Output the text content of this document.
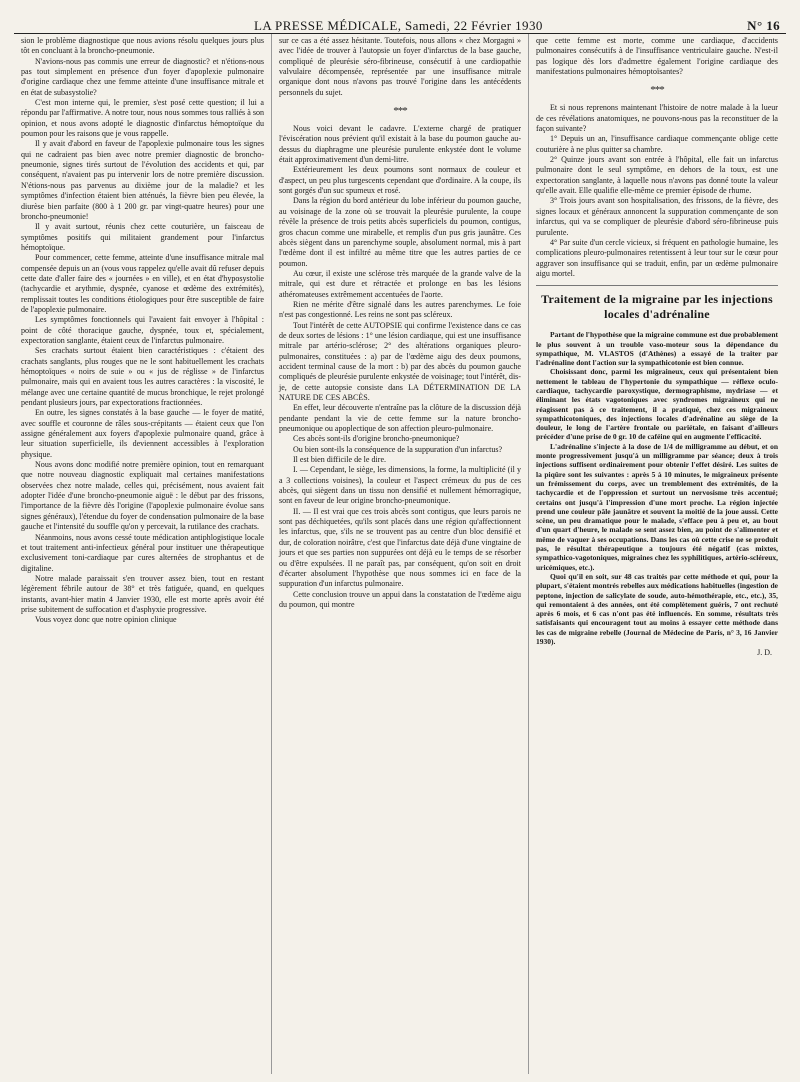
LA PRESSE MÉDICALE, Samedi, 22 Février 1930	N° 16

sion le problème diagnostique que nous avions résolu quelques jours plus tôt en concluant à la broncho-pneumonie.

N'avions-nous pas commis une erreur de diagnostic? et n'étions-nous pas tout simplement en présence d'un foyer d'apoplexie pulmonaire d'origine cardiaque chez une femme atteinte d'une insuffisance mitrale et en état de subasystolie?

C'est mon interne qui, le premier, s'est posé cette question; il lui a répondu par l'affirmative. A notre tour, nous nous sommes tous ralliés à son opinion, et nous avons adopté le diagnostic d'infarctus hémoptoïque du poumon pour les raisons que je vous rappelle.

Il y avait d'abord en faveur de l'apoplexie pulmonaire tous les signes qui ne cadraient pas bien avec notre premier diagnostic de broncho-pneumonie, signes tirés surtout de l'évolution des accidents et qui, par conséquent, n'avaient pas pu intervenir lors de notre première discussion. N'étions-nous pas parvenus au dixième jour de la maladie? et les symptômes d'infection étaient bien atténués, la fièvre bien peu élevée, la diurèse bien parfaite (800 à 1 200 gr. par vingt-quatre heures) pour une broncho-pneumonie!

Il y avait surtout, réunis chez cette couturière, un faisceau de symptômes positifs qui militaient grandement pour l'infarctus hémoptoïque.

Pour commencer, cette femme, atteinte d'une insuffisance mitrale mal compensée depuis un an (vous vous rappelez qu'elle avait dû refuser depuis cette date d'aller faire des « journées » en ville), et en état d'hyposystolie (tachycardie et arythmie, dyspnée, cyanose et œdème des extrémités), remplissait toutes les conditions étiologiques pour être susceptible de faire de l'apoplexie pulmonaire.

Les symptômes fonctionnels qui l'avaient fait envoyer à l'hôpital : point de côté thoracique gauche, dyspnée, toux et, spécialement, expectoration sanglante, étaient ceux de l'infarctus pulmonaire.

Ses crachats surtout étaient bien caractéristiques : c'étaient des crachats sanglants, plus rouges que ne le sont habituellement les crachats hémoptoïques « noirs de suie » ou « jus de réglisse » de l'infarctus pulmonaire, mais qui en avaient tous les autres caractères : la viscosité, le mélange avec une certaine quantité de mucus bronchique, le rejet prolongé pendant plusieurs jours, par expectorations fractionnées.

En outre, les signes constatés à la base gauche — le foyer de matité, avec souffle et couronne de râles sous-crépitants — étaient ceux que l'on assigne généralement aux foyers d'apoplexie pulmonaire quand, grâce à leur situation superficielle, ils deviennent accessibles à l'exploration physique.

Nous avons donc modifié notre première opinion, tout en remarquant que notre nouveau diagnostic expliquait mal certaines manifestations observées chez notre malade, celles qui, précisément, nous avaient fait adopter l'idée d'une broncho-pneumonie aiguë : le début par des frissons, l'importance de la fièvre dès l'origine (l'apoplexie pulmonaire évolue sans signes généraux), l'étendue du foyer de condensation pulmonaire de la base gauche et l'intensité du souffle qu'on y percevait, la rutilance des crachats.

Néanmoins, nous avons cessé toute médication antiphlogistique locale et tout traitement anti-infectieux général pour instituer une thérapeutique exclusivement toni-cardiaque par cures alternées de strophantus et de digitaline.

Notre malade paraissait s'en trouver assez bien, tout en restant légèrement fébrile autour de 38° et très fatiguée, quand, en quelques instants, avant-hier matin 4 Janvier 1930, elle est morte après avoir été prise subitement de suffocation et d'asphyxie progressive.

Vous voyez donc que notre opinion clinique

sur ce cas a été assez hésitante. Toutefois, nous allons « chez Morgagni » avec l'idée de trouver à l'autopsie un foyer d'infarctus de la base gauche, compliqué de pleurésie séro-fibrineuse, consécutif à une cardiopathie valvulaire décompensée, représentée par une insuffisance mitrale organique dont nous n'avons pas trouvé l'origine dans les antécédents personnels du sujet.

***

Nous voici devant le cadavre. L'externe chargé de pratiquer l'éviscération nous prévient qu'il existait à la base du poumon gauche au-dessus du diaphragme une pleurésie purulente enkystée dont le volume était approximativement d'un demi-litre.

Extérieurement les deux poumons sont normaux de couleur et d'aspect, un peu plus turgescents cependant que d'ordinaire. A la coupe, ils sont gorgés d'un suc spumeux et rosé.

Dans la région du bord antérieur du lobe inférieur du poumon gauche, au voisinage de la zone où se trouvait la pleurésie purulente, la coupe révèle la présence de trois petits abcès superficiels du poumon, contigus, gros chacun comme une mirabelle, et remplis d'un pus gris jaunâtre. Ces abcès siègent dans un parenchyme souple, absolument normal, mis à part l'œdème dont il est infiltré au même titre que les autres parties de ce poumon.

Au cœur, il existe une sclérose très marquée de la grande valve de la mitrale, qui est dure et rétractée et prolonge en bas les lésions athéromateuses extrêmement accentuées de l'aorte.

Rien ne mérite d'être signalé dans les autres parenchymes. Le foie n'est pas congestionné. Les reins ne sont pas scléreux.

Tout l'intérêt de cette AUTOPSIE qui confirme l'existence dans ce cas de deux sortes de lésions : 1° une lésion cardiaque, qui est une insuffisance mitrale par artério-sclérose; 2° des altérations organiques pleuro-pulmonaires, constituées : a) par de l'œdème aigu des deux poumons, accident terminal cause de la mort : b) par des abcès du poumon gauche compliqués de pleurésie purulente enkystée de voisinage; tout l'intérêt, dis-je, de cette autopsie consiste dans LA DÉTERMINATION DE LA NATURE DE CES ABCÈS.

En effet, leur découverte n'entraîne pas la clôture de la discussion déjà pendante pendant la vie de cette femme sur la nature broncho-pneumonique ou apoplectique de son affection pleuro-pulmonaire.

Ces abcès sont-ils d'origine broncho-pneumonique?

Ou bien sont-ils la conséquence de la suppuration d'un infarctus?

Il est bien difficile de le dire.

I. — Cependant, le siège, les dimensions, la forme, la multiplicité (il y a 3 collections voisines), la couleur et l'aspect crémeux du pus de ces abcès, qui siègent dans un tissu non densifié et nullement hémorragique, sont en faveur de leur origine broncho-pneumonique.

II. — Il est vrai que ces trois abcès sont contigus, que leurs parois ne sont pas déchiquetées, qu'ils sont placés dans une région qu'affectionnent les infarctus, que, s'ils ne se trouvent pas au centre d'un bloc densifié et dur, de coloration noirâtre, c'est que l'infarctus date déjà d'une vingtaine de jours et que ses parties non suppurées ont déjà eu le temps de se résorber ou d'être expulsées. Il ne paraît pas, par conséquent, qu'on soit en droit d'écarter absolument l'hypothèse que nous sommes ici en face de la suppuration d'un infarctus pulmonaire.

Cette conclusion trouve un appui dans la constatation de l'œdème aigu du poumon, qui montre

que cette femme est morte, comme une cardiaque, d'accidents pulmonaires consécutifs à de l'insuffisance ventriculaire gauche. N'est-il pas logique dès lors d'admettre également l'origine cardiaque des manifestations pulmonaires hémoptoïsantes?

***

Et si nous reprenons maintenant l'histoire de notre malade à la lueur de ces révélations anatomiques, ne pouvons-nous pas la reconstituer de la façon suivante?

1° Depuis un an, l'insuffisance cardiaque commençante oblige cette couturière à ne plus quitter sa chambre.

2° Quinze jours avant son entrée à l'hôpital, elle fait un infarctus pulmonaire dont le seul symptôme, en dehors de la toux, est une expectoration sanglante, à laquelle nous n'avons pas donné toute la valeur qu'elle avait. Elle qualifie elle-même ce premier épisode de rhume.

3° Trois jours avant son hospitalisation, des frissons, de la fièvre, des signes locaux et généraux annoncent la suppuration commençante de son infarctus, qui va se compliquer de pleurésie d'abord séro-fibrineuse puis purulente.

4° Par suite d'un cercle vicieux, si fréquent en pathologie humaine, les complications pleuro-pulmonaires retentissent à leur tour sur le cœur pour aggraver son insuffisance qui se traduit, enfin, par un œdème pulmonaire aigu mortel.

Traitement de la migraine par les injections locales d'adrénaline

Partant de l'hypothèse que la migraine commune est due probablement le plus souvent à un trouble vaso-moteur sous la dépendance du sympathique, M. VLASTOS (d'Athènes) a essayé de la traiter par l'adrénaline dont l'action sur la sympathicotonie est bien connue.

Choisissant donc, parmi les migraineux, ceux qui présentaient bien nettement le tableau de l'hypertonie du sympathique — réflexe oculo-cardiaque, tachycardie paroxystique, dermographisme, mydriase — et éliminant les états vagotoniques avec syndromes migraineux qui ne réagissent pas à ce traitement, il a pratiqué, chez ces migraineux sympathicotoniques, des injections locales d'adrénaline au siège de la douleur, le long de l'artère frontale ou pariétale, en faisant d'ailleurs précéder d'une prise de 0 gr. 10 de caféine qui en augmente l'efficacité.

L'adrénaline s'injecte à la dose de 1/4 de milligramme au début, et on monte progressivement jusqu'à un milligramme par séance; deux à trois injections suffisent ordinairement pour obtenir l'effet désiré. Les suites de la piqûre sont les suivantes : après 5 à 10 minutes, le migraineux présente un frémissement du corps, avec un tremblement des extrémités, de la tachycardie et de l'oppression et surtout un nervosisme très accentué; certains ont jusqu'à l'impression d'une mort proche. La région injectée prend une couleur pâle jaunâtre et souvent la moitié de la joue aussi. Cette scène, un peu dramatique pour le malade, s'efface peu à peu et, au bout d'un quart d'heure, le malade se sent assez bien, au point de s'alimenter et même de vaquer à ses occupations. Dans les cas où cette crise ne se produit pas, le résultat thérapeutique a toujours été négatif (cas mixtes, sympathico-vagotoniques, migraines chez les syphilitiques, artério-scléreux, uricémiques, etc.).

Quoi qu'il en soit, sur 48 cas traités par cette méthode et qui, pour la plupart, s'étaient montrés rebelles aux médications habituelles (ingestion de peptone, injection de salicylate de soude, auto-hémothérapie, etc., etc.), 35, qui remontaient à des années, ont été complètement guéris, 7 ont rechuté après 6 mois, et 6 cas n'ont pas été influencés. En somme, résultats très satisfaisants qui encouragent tout au moins à essayer cette méthode dans les cas de migraine rebelle (Journal de Médecine de Paris, n° 3, 16 Janvier 1930).

J. D.
